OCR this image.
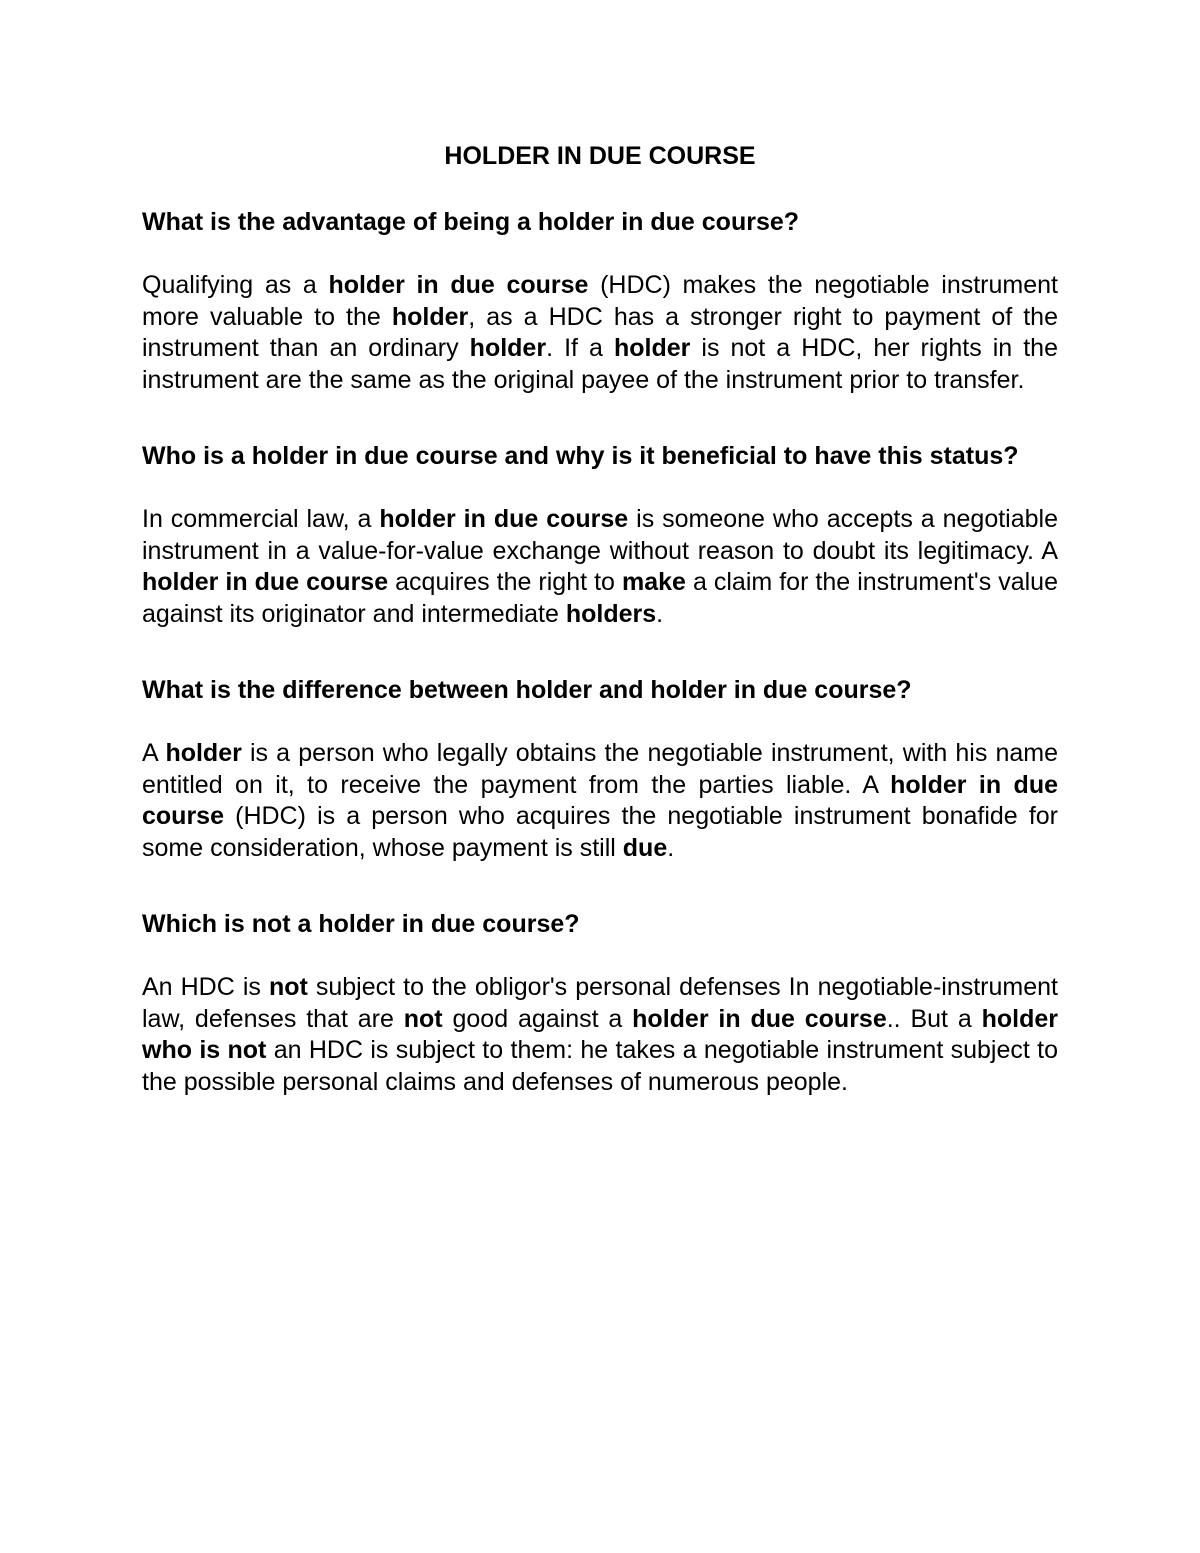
HOLDER IN DUE COURSE
What is the advantage of being a holder in due course?
Qualifying as a holder in due course (HDC) makes the negotiable instrument more valuable to the holder, as a HDC has a stronger right to payment of the instrument than an ordinary holder. If a holder is not a HDC, her rights in the instrument are the same as the original payee of the instrument prior to transfer.
Who is a holder in due course and why is it beneficial to have this status?
In commercial law, a holder in due course is someone who accepts a negotiable instrument in a value-for-value exchange without reason to doubt its legitimacy. A holder in due course acquires the right to make a claim for the instrument's value against its originator and intermediate holders.
What is the difference between holder and holder in due course?
A holder is a person who legally obtains the negotiable instrument, with his name entitled on it, to receive the payment from the parties liable. A holder in due course (HDC) is a person who acquires the negotiable instrument bonafide for some consideration, whose payment is still due.
Which is not a holder in due course?
An HDC is not subject to the obligor's personal defenses In negotiable-instrument law, defenses that are not good against a holder in due course.. But a holder who is not an HDC is subject to them: he takes a negotiable instrument subject to the possible personal claims and defenses of numerous people.
